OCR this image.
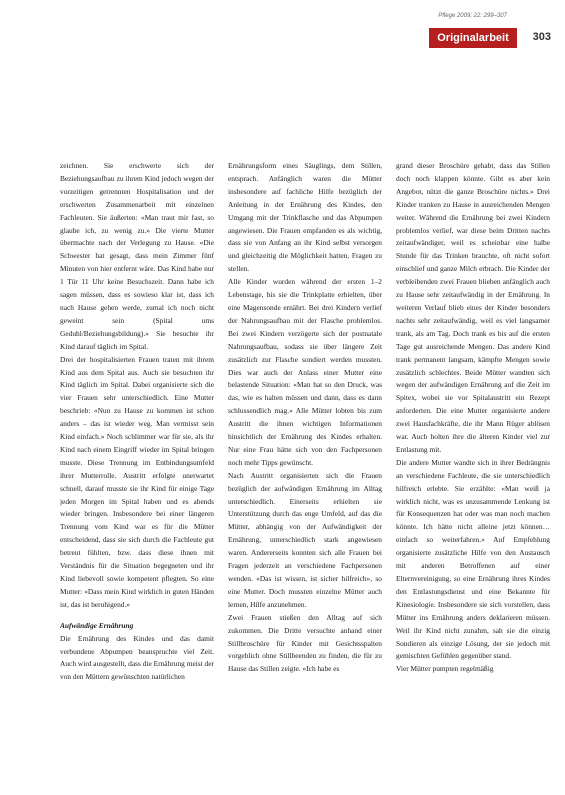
Pflege 2009; 22: 299–307
Originalarbeit	303

zeichnen. Sie erschwerte sich der Beziehungsaufbau zu ihrem Kind jedoch wegen der vorzeitigen getrennten Hospitalisation und der erschwerten Zusammenarbeit mit einzelnen Fachleuten. Sie äußerten: «Man traut mir fast, so glaube ich, zu wenig zu.» Die vierte Mutter übermachte nach der Verlegung zu Hause. «Die Schwester hat gesagt, dass mein Zimmer fünf Minuten von hier entfernt wäre. Das Kind habe nur 1 Tür 11 Uhr keine Besuchszeit. Dann habe ich sagen müssen, dass es sowieso klar ist, dass ich nach Hause gehen werde, zumal ich noch nicht geweint sein (Spital ums Geduhl/Beziehungsbildung).» Sie besuchte ihr Kind darauf täglich im Spital.

Drei der hospitalisierten Frauen traten mit ihrem Kind aus dem Spital aus. Auch sie besuchten ihr Kind täglich im Spital. Dabei organisierte sich die vier Frauen sehr unterschiedlich. Eine Mutter beschrieb: «Nun zu Hause zu kommen ist schon anders – das ist wieder weg. Man vermisst sein Kind einfach.» Noch schlimmer war für sie, als ihr Kind nach einem Eingriff wieder im Spital bringen musste. Diese Trennung im Entbindungsumfeld ihrer Mutterrolle. Austritt erfolgte unerwartet schnell, darauf musste sie ihr Kind für einige Tage jeden Morgen im Spital haben und es abends wieder bringen. Insbesondere bei einer längeren Trennung vom Kind war es für die Mütter entscheidend, dass sie sich durch die Fachleute gut betreut fühlten, bzw. dass diese ihnen mit Verständnis für die Situation begegneten und ihr Kind liebevoll sowie kompetent pflegten. So eine Mutter: «Dass mein Kind wirklich in guten Händen ist, das ist beruhigend.»

Aufwändige Ernährung

Die Ernährung des Kindes und das damit verbundene Abpumpen beanspruchte viel Zeit. Auch wird ausgestellt, dass die Ernährung meist der von den Müttern gewünschten natürlichen

Ernährungsform eines Säuglings, dem Stillen, entsprach. Anfänglich waren die Mütter insbesondere auf fachliche Hilfe bezüglich der Anleitung in der Ernährung des Kindes, den Umgang mit der Trinkflasche und das Abpumpen angewiesen. Die Frauen empfanden es als wichtig, dass sie von Anfang an ihr Kind selbst versorgen und gleichzeitig die Möglichkeit hatten, Fragen zu stellen.

Alle Kinder wurden während der ersten 1–2 Lebenstage, bis sie die Trinkplatte erhielten, über eine Magensonde ernährt. Bei drei Kindern verlief der Nahrungsaufbau mit der Flasche problemlos. Bei zwei Kindern verzögerte sich der postnatale Nahrungsaufbau, sodass sie über längere Zeit zusätzlich zur Flasche sondiert werden mussten. Dies war auch der Anlass einer Mutter eine belastende Situation: «Man hat so den Druck, was das, wie es halten müssen und dann, dass es dann schlussendlich mag.» Alle Mütter lobten bis zum Austritt die ihnen wichtigen Informationen hinsichtlich der Ernährung des Kindes erhalten. Nur eine Frau hätte sich von den Fachpersonen noch mehr Tipps gewünscht.

Nach Austritt organisierten sich die Frauen bezüglich der aufwändigen Ernährung im Alltag unterschiedlich. Einerseits erhielten sie Unterstützung durch das enge Umfeld, auf das die Mütter, abhängig von der Aufwändigkeit der Ernährung, unterschiedlich stark angewiesen waren. Andererseits konnten sich alle Frauen bei Fragen jederzeit an verschiedene Fachpersonen wenden. «Das ist wissen, ist sicher hilfreich», so eine Mutter. Doch mussten einzelne Mütter auch lernen, Hilfe anzunehmen.

Zwei Frauen stießen den Alltag auf sich zukommen. Die Dritte versuchte anhand einer Stillbroschüre für Kinder mit Gesichtsspalten vorgeblich ohne Stillbeenden zu finden, die für zu Hause das Stillen zeigte. «Ich habe es

grand dieser Broschüre gehabt, dass das Stillen doch noch klappen könnte. Gibt es aber kein Angebot, nützt die ganze Broschüre nichts.» Drei Kinder tranken zu Hause in ausreichenden Mengen weiter. Während die Ernährung bei zwei Kindern problemlos verlief, war diese beim Dritten nachts zeitaufwändiger, weil es scheinbar eine halbe Stunde für das Trinken brauchte, oft nicht sofort einschlief und ganze Milch erbrach. Die Kinder der verbleibenden zwei Frauen blieben anfänglich auch zu Hause sehr zeitaufwändig in der Ernährung. In weiteren Verlauf blieb eines der Kinder besonders nachts sehr zeitaufwändig, weil es viel langsamer trank, als am Tag. Doch trank es bis auf die ersten Tage gut ausreichende Mengen. Das andere Kind trank permanent langsam, kämpfte Mengen sowie zusätzlich schlechtes. Beide Mütter wandten sich wegen der aufwändigen Ernährung auf die Zeit im Spitex, wobei sie vor Spitalaustritt ein Rezept anforderten. Die eine Mutter organisierte andere zwei Hausfachkräfte, die ihr Mann Rüger ablösen war. Auch holten ihre die älteren Kinder viel zur Entlastung mit.

Die andere Mutter wandte sich in ihrer Bedrängnis an verschiedene Fachleute, die sie unterschiedlich hilfreich erlebte. Sie erzählte: «Man weiß ja wirklich nicht, was es unzusammende Lenkung ist für Konsequenzen hat oder was man noch machen könnte. Ich hätte nicht alleine jetzt können… einfach so weiterfahren.» Auf Empfehlung organisierte zusätzliche Hilfe von den Austausch mit anderen Betroffenen auf einer Elternvereinigung, so eine Ernährung ihres Kindes den Entlastungsdienst und eine Bekannte für Kinesiologie. Insbesondere sie sich vorstellen, dass Mütter ins Ernährung anders deklarieren müssen. Weil ihr Kind nicht zunahm, sah sie die einzig Sondieren als einzige Lösung, der sie jedoch mit gemischten Gefühlen gegenüber stand.

Vier Mütter pumpten regelmäßig
